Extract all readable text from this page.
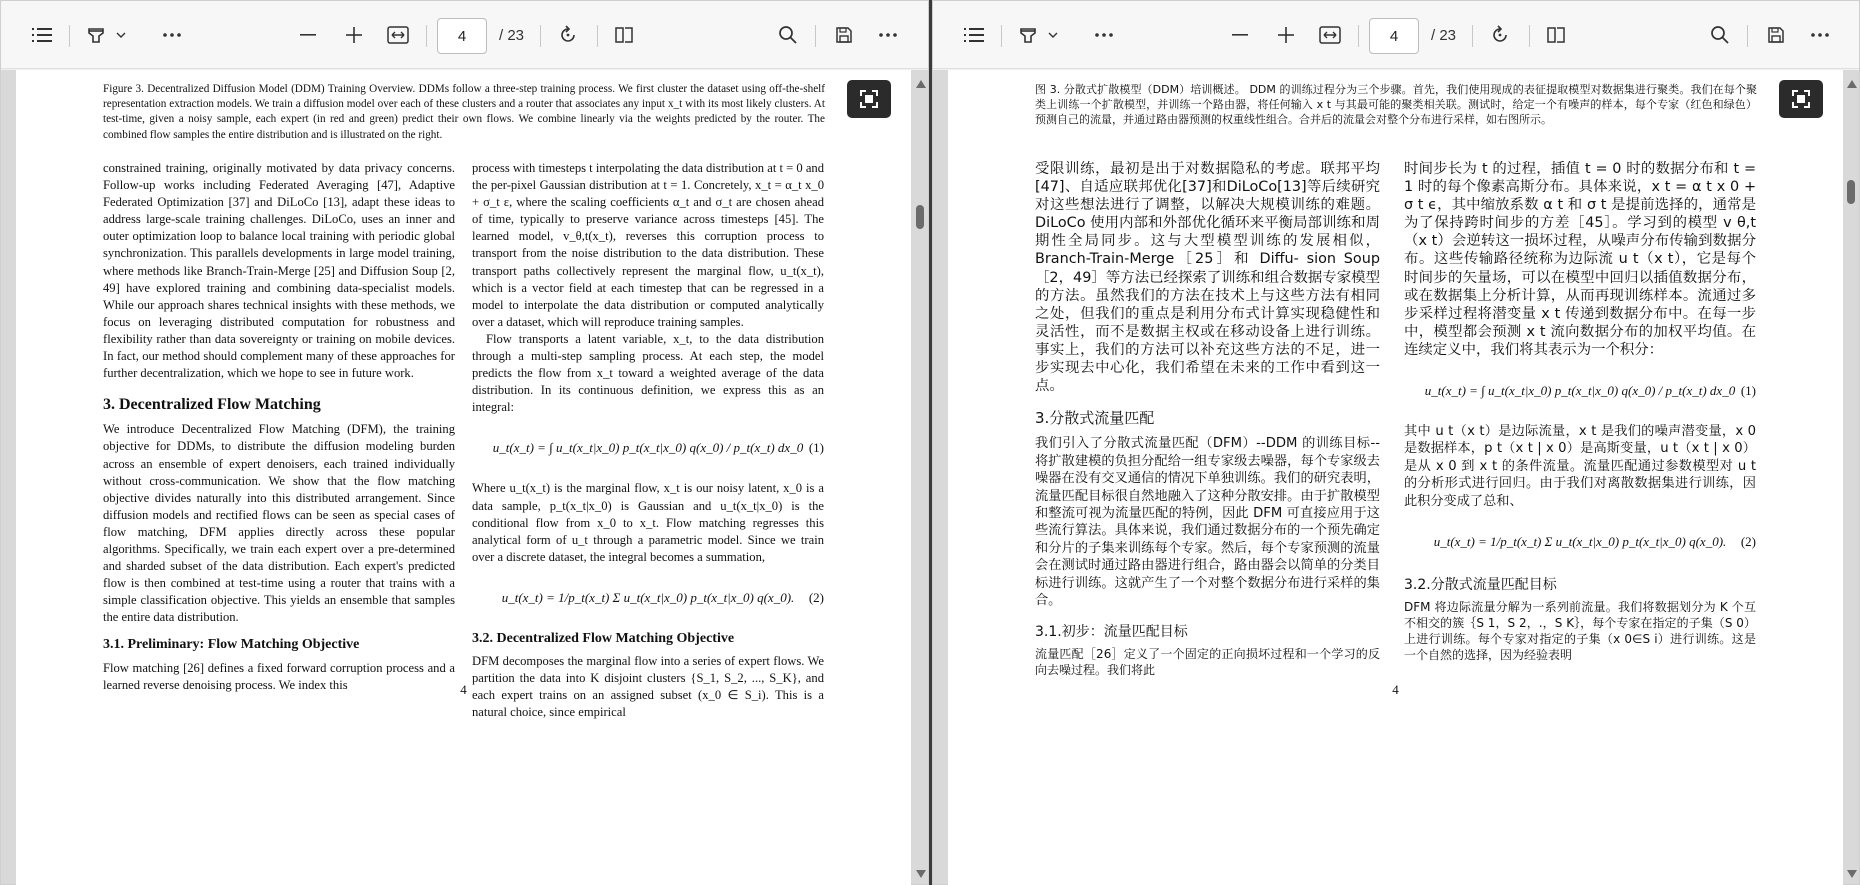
4	/ 23
Figure 3. Decentralized Diffusion Model (DDM) Training Overview. DDMs follow a three-step training process. We first cluster the dataset using off-the-shelf representation extraction models. We train a diffusion model over each of these clusters and a router that associates any input x_t with its most likely clusters. At test-time, given a noisy sample, each expert (in red and green) predict their own flows. We combine linearly via the weights predicted by the router. The combined flow samples the entire distribution and is illustrated on the right.

constrained training, originally motivated by data privacy concerns. Follow-up works including Federated Averaging [47], Adaptive Federated Optimization [37] and DiLoCo [13], adapt these ideas to address large-scale training challenges. DiLoCo, uses an inner and outer optimization loop to balance local training with periodic global synchronization. This parallels developments in large model training, where methods like Branch-Train-Merge [25] and Diffusion Soup [2, 49] have explored training and combining data-specialist models. While our approach shares technical insights with these methods, we focus on leveraging distributed computation for robustness and flexibility rather than data sovereignty or training on mobile devices. In fact, our method should complement many of these approaches for further decentralization, which we hope to see in future work.

3. Decentralized Flow Matching

We introduce Decentralized Flow Matching (DFM), the training objective for DDMs, to distribute the diffusion modeling burden across an ensemble of expert denoisers, each trained individually without cross-communication. We show that the flow matching objective divides naturally into this distributed arrangement. Since diffusion models and rectified flows can be seen as special cases of flow matching, DFM applies directly across these popular algorithms. Specifically, we train each expert over a pre-determined and sharded subset of the data distribution. Each expert's predicted flow is then combined at test-time using a router that trains with a simple classification objective. This yields an ensemble that samples the entire data distribution.

3.1. Preliminary: Flow Matching Objective

Flow matching [26] defines a fixed forward corruption process and a learned reverse denoising process. We index this

process with timesteps t interpolating the data distribution at t = 0 and the per-pixel Gaussian distribution at t = 1. Concretely, x_t = α_t x_0 + σ_t ε, where the scaling coefficients α_t and σ_t are chosen ahead of time, typically to preserve variance across timesteps [45]. The learned model, v_θ,t(x_t), reverses this corruption process to transport from the noise distribution to the data distribution. These transport paths collectively represent the marginal flow, u_t(x_t), which is a vector field at each timestep that can be regressed in a model to interpolate the data distribution or computed analytically over a dataset, which will reproduce training samples.

Flow transports a latent variable, x_t, to the data distribution through a multi-step sampling process. At each step, the model predicts the flow from x_t toward a weighted average of the data distribution. In its continuous definition, we express this as an integral:

u_t(x_t) = ∫ u_t(x_t|x_0) p_t(x_t|x_0) q(x_0) / p_t(x_t) dx_0 (1)

Where u_t(x_t) is the marginal flow, x_t is our noisy latent, x_0 is a data sample, p_t(x_t|x_0) is Gaussian and u_t(x_t|x_0) is the conditional flow from x_0 to x_t. Flow matching regresses this analytical form of u_t through a parametric model. Since we train over a discrete dataset, the integral becomes a summation,

u_t(x_t) = 1/p_t(x_t) Σ u_t(x_t|x_0) p_t(x_t|x_0) q(x_0). (2)
3.2. Decentralized Flow Matching Objective

DFM decomposes the marginal flow into a series of expert flows. We partition the data into K disjoint clusters {S_1, S_2, ..., S_K}, and each expert trains on an assigned subset (x_0 ∈ S_i). This is a natural choice, since empirical

4
4	/ 23
图 3. 分散式扩散模型（DDM）培训概述。 DDM 的训练过程分为三个步骤。首先，我们使用现成的表征提取模型对数据集进行聚类。我们在每个聚类上训练一个扩散模型，并训练一个路由器，将任何输入 x t 与其最可能的聚类相关联。测试时，给定一个有噪声的样本，每个专家（红色和绿色）预测自己的流量，并通过路由器预测的权重线性组合。合并后的流量会对整个分布进行采样，如右图所示。

受限训练，最初是出于对数据隐私的考虑。联邦平均[47]、自适应联邦优化[37]和DiLoCo[13]等后续研究对这些想法进行了调整，以解决大规模训练的难题。DiLoCo 使用内部和外部优化循环来平衡局部训练和周期性全局同步。这与大型模型训练的发展相似，Branch-Train-Merge［25］和 Diffu- sion Soup［2，49］等方法已经探索了训练和组合数据专家模型的方法。虽然我们的方法在技术上与这些方法有相同之处，但我们的重点是利用分布式计算实现稳健性和灵活性，而不是数据主权或在移动设备上进行训练。事实上，我们的方法可以补充这些方法的不足，进一步实现去中心化，我们希望在未来的工作中看到这一点。

3.分散式流量匹配

我们引入了分散式流量匹配（DFM）--DDM 的训练目标--将扩散建模的负担分配给一组专家级去噪器，每个专家级去噪器在没有交叉通信的情况下单独训练。我们的研究表明，流量匹配目标很自然地融入了这种分散安排。由于扩散模型和整流可视为流量匹配的特例，因此 DFM 可直接应用于这些流行算法。具体来说，我们通过数据分布的一个预先确定和分片的子集来训练每个专家。然后，每个专家预测的流量会在测试时通过路由器进行组合，路由器会以简单的分类目标进行训练。这就产生了一个对整个数据分布进行采样的集合。

3.1.初步：流量匹配目标

流量匹配［26］定义了一个固定的正向损坏过程和一个学习的反向去噪过程。我们将此

时间步长为 t 的过程，插值 t = 0 时的数据分布和 t = 1 时的每个像素高斯分布。具体来说，x t = α t x 0 + σ t ϵ，其中缩放系数 α t 和 σ t 是提前选择的，通常是为了保持跨时间步的方差［45］。学习到的模型 v θ,t（x t）会逆转这一损坏过程，从噪声分布传输到数据分布。这些传输路径统称为边际流 u t（x t），它是每个时间步的矢量场，可以在模型中回归以插值数据分布，或在数据集上分析计算，从而再现训练样本。流通过多步采样过程将潜变量 x t 传递到数据分布中。在每一步中，模型都会预测 x t 流向数据分布的加权平均值。在连续定义中，我们将其表示为一个积分：

u_t(x_t) = ∫ u_t(x_t|x_0) p_t(x_t|x_0) q(x_0) / p_t(x_t) dx_0 (1)

其中 u t（x t）是边际流量，x t 是我们的噪声潜变量，x 0 是数据样本，p t（x t | x 0）是高斯变量，u t（x t | x 0）是从 x 0 到 x t 的条件流量。流量匹配通过参数模型对 u t 的分析形式进行回归。由于我们对离散数据集进行训练，因此积分变成了总和、

u_t(x_t) = 1/p_t(x_t) Σ u_t(x_t|x_0) p_t(x_t|x_0) q(x_0). (2)
3.2.分散式流量匹配目标

DFM 将边际流量分解为一系列前流量。我们将数据划分为 K 个互不相交的簇｛S 1，S 2，.，S K｝，每个专家在指定的子集（S 0）上进行训练。每个专家对指定的子集（x 0∈S i）进行训练。这是一个自然的选择，因为经验表明

4
